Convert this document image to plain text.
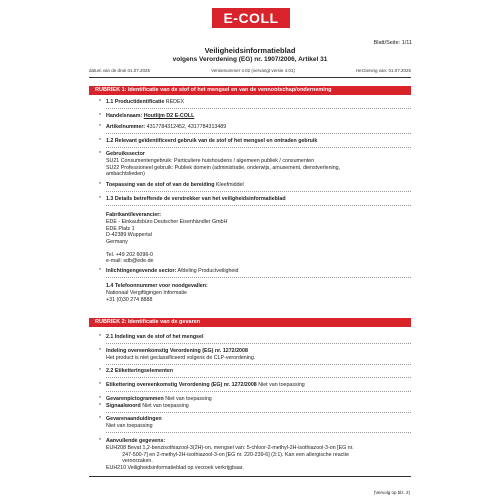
E-COLL
Blatt/Seite: 1/11
Veiligheidsinformatieblad
volgens Verordening (EG) nr. 1907/2006, Artikel 31
datum van de druk 01.07.2025	Versienummer 4.02 (vervangt versie 4.01)	Herziening van: 01.07.2025
RUBRIEK 1: Identificatie van de stof of het mengsel en van de vennootschap/onderneming
* 1.1 Productidentificatie REDEX
* Handelsnaam: Houtlijm D2 E-COLL
* Artikelnummer: 4317784312452, 4317784313489
* 1.2 Relevant geïdentificeerd gebruik van de stof of het mengsel en ontraden gebruik
* Gebruikssector
SU21 Consumentengebruik: Particuliere huishoudens / algemeen publiek / consumenten
SU22 Professioneel gebruik: Publiek domein (administratie, onderwijs, amusement, dienstverlening,
ambachtslieden)
* Toepassing van de stof of van de bereiding Kleefmiddel
* 1.3 Details betreffende de verstrekker van het veiligheidsinformatieblad
Fabrikant/leverancier:
EDE - Einkaufsbüro Deutscher Eisenhändler GmbH
EDE Platz 1
D-42389 Wuppertal
Germany
Tel. +49 202 6096-0
e-mail: sdb@ede.de
* Inlichtingengevende sector: Afdeling Productveiligheid
1.4 Telefoonnummer voor noodgevallen:
Nationaal Vergiftigingen Informatie
+31 (0)30 274 8888
RUBRIEK 2: Identificatie van de gevaren
* 2.1 Indeling van de stof of het mengsel
* Indeling overeenkomstig Verordening (EG) nr. 1272/2008
Het product is niet geclassificeerd volgens de CLP-verordening.
* 2.2 Etiketteringselementen
* Etikettering overeenkomstig Verordening (EG) nr. 1272/2008 Niet van toepassing
* Gevarenpictogrammen Niet van toepassing
* Signaalwoord Niet van toepassing
* Gevarenaanduidingen
Niet van toepassing
* Aanvullende gegevens:
EUH208 Bevat 1,2-benzisothiazool-3(2H)-on, mengsel van: 5-chloor-2-methyl-2H-isothiazool-3-on [EG nr.
247-500-7] en 2-methyl-2H-isothiazool-3-on [EG nr. 220-239-6] (3:1). Kan een allergische reactie
veroorzaken.
EUH210 Veiligheidsinformatieblad op verzoek verkrijgbaar.
(Vervolg op blz. 2)
